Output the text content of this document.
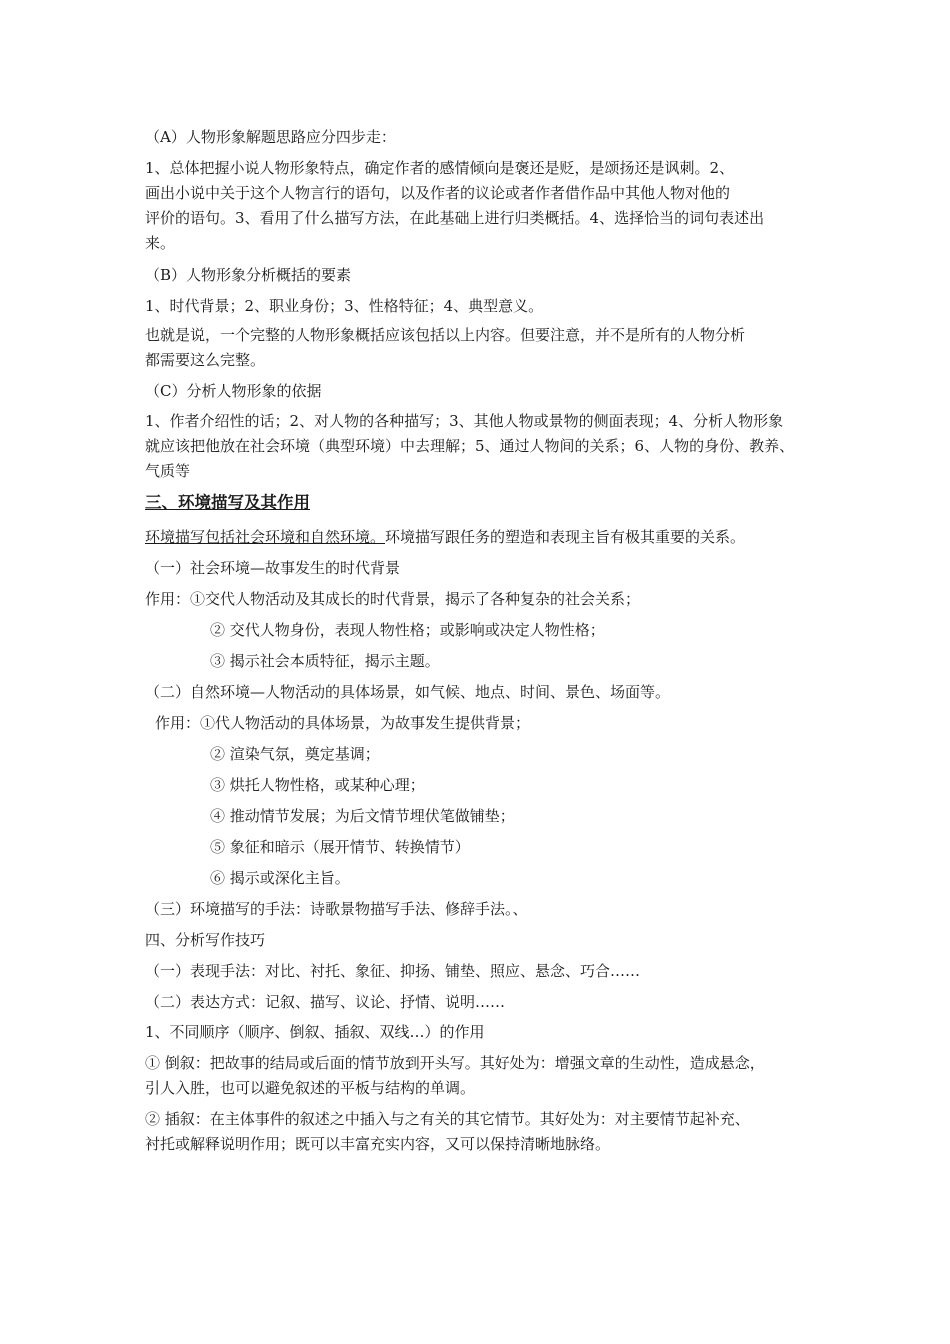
（A）人物形象解题思路应分四步走：
1、总体把握小说人物形象特点，确定作者的感情倾向是褒还是贬，是颂扬还是讽刺。2、
画出小说中关于这个人物言行的语句，以及作者的议论或者作者借作品中其他人物对他的
评价的语句。3、看用了什么描写方法，在此基础上进行归类概括。4、选择恰当的词句表述出
来。
（B）人物形象分析概括的要素
1、时代背景；2、职业身份；3、性格特征；4、典型意义。
也就是说，一个完整的人物形象概括应该包括以上内容。但要注意，并不是所有的人物分析
都需要这么完整。
（C）分析人物形象的依据
1、作者介绍性的话；2、对人物的各种描写；3、其他人物或景物的侧面表现；4、分析人物形象
就应该把他放在社会环境（典型环境）中去理解；5、通过人物间的关系；6、人物的身份、教养、
气质等
三、环境描写及其作用
环境描写包括社会环境和自然环境。环境描写跟任务的塑造和表现主旨有极其重要的关系。
（一）社会环境—故事发生的时代背景
作用：①交代人物活动及其成长的时代背景，揭示了各种复杂的社会关系；
② 交代人物身份，表现人物性格；或影响或决定人物性格；
③ 揭示社会本质特征，揭示主题。
（二）自然环境—人物活动的具体场景，如气候、地点、时间、景色、场面等。
作用：①代人物活动的具体场景，为故事发生提供背景；
② 渲染气氛，奠定基调；
③ 烘托人物性格，或某种心理；
④ 推动情节发展；为后文情节埋伏笔做铺垫；
⑤ 象征和暗示（展开情节、转换情节）
⑥ 揭示或深化主旨。
（三）环境描写的手法：诗歌景物描写手法、修辞手法。、
四、分析写作技巧
（一）表现手法：对比、衬托、象征、抑扬、铺垫、照应、悬念、巧合……
（二）表达方式：记叙、描写、议论、抒情、说明……
1、不同顺序（顺序、倒叙、插叙、双线…）的作用
① 倒叙：把故事的结局或后面的情节放到开头写。其好处为：增强文章的生动性，造成悬念，
引人入胜，也可以避免叙述的平板与结构的单调。
② 插叙：在主体事件的叙述之中插入与之有关的其它情节。其好处为：对主要情节起补充、
衬托或解释说明作用；既可以丰富充实内容，又可以保持清晰地脉络。
